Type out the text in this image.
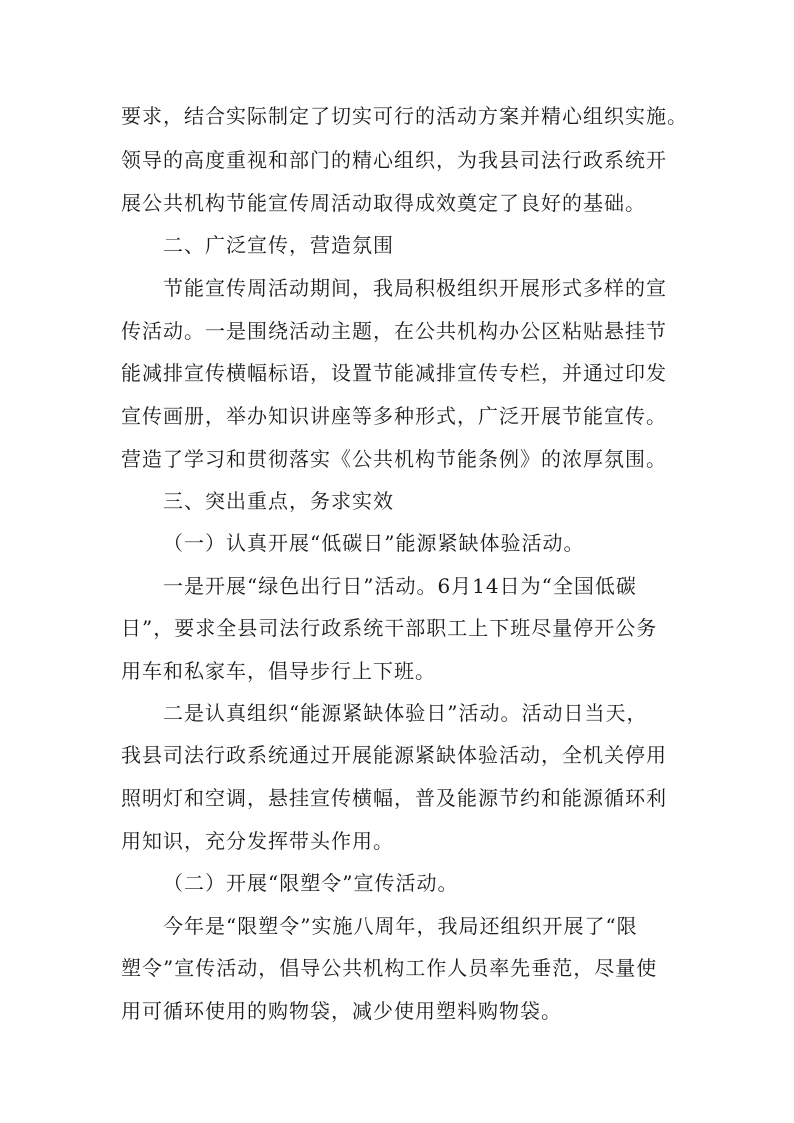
要求，结合实际制定了切实可行的活动方案并精心组织实施。
领导的高度重视和部门的精心组织，为我县司法行政系统开
展公共机构节能宣传周活动取得成效奠定了良好的基础。
二、广泛宣传，营造氛围
节能宣传周活动期间，我局积极组织开展形式多样的宣
传活动。一是围绕活动主题，在公共机构办公区粘贴悬挂节
能减排宣传横幅标语，设置节能减排宣传专栏，并通过印发
宣传画册，举办知识讲座等多种形式，广泛开展节能宣传。
营造了学习和贯彻落实《公共机构节能条例》的浓厚氛围。
三、突出重点，务求实效
（一）认真开展“低碳日”能源紧缺体验活动。
一是开展“绿色出行日”活动。6月14日为“全国低碳
日”，要求全县司法行政系统干部职工上下班尽量停开公务
用车和私家车，倡导步行上下班。
二是认真组织“能源紧缺体验日”活动。活动日当天，
我县司法行政系统通过开展能源紧缺体验活动，全机关停用
照明灯和空调，悬挂宣传横幅，普及能源节约和能源循环利
用知识，充分发挥带头作用。
（二）开展“限塑令”宣传活动。
今年是“限塑令”实施八周年，我局还组织开展了“限
塑令”宣传活动，倡导公共机构工作人员率先垂范，尽量使
用可循环使用的购物袋，减少使用塑料购物袋。
